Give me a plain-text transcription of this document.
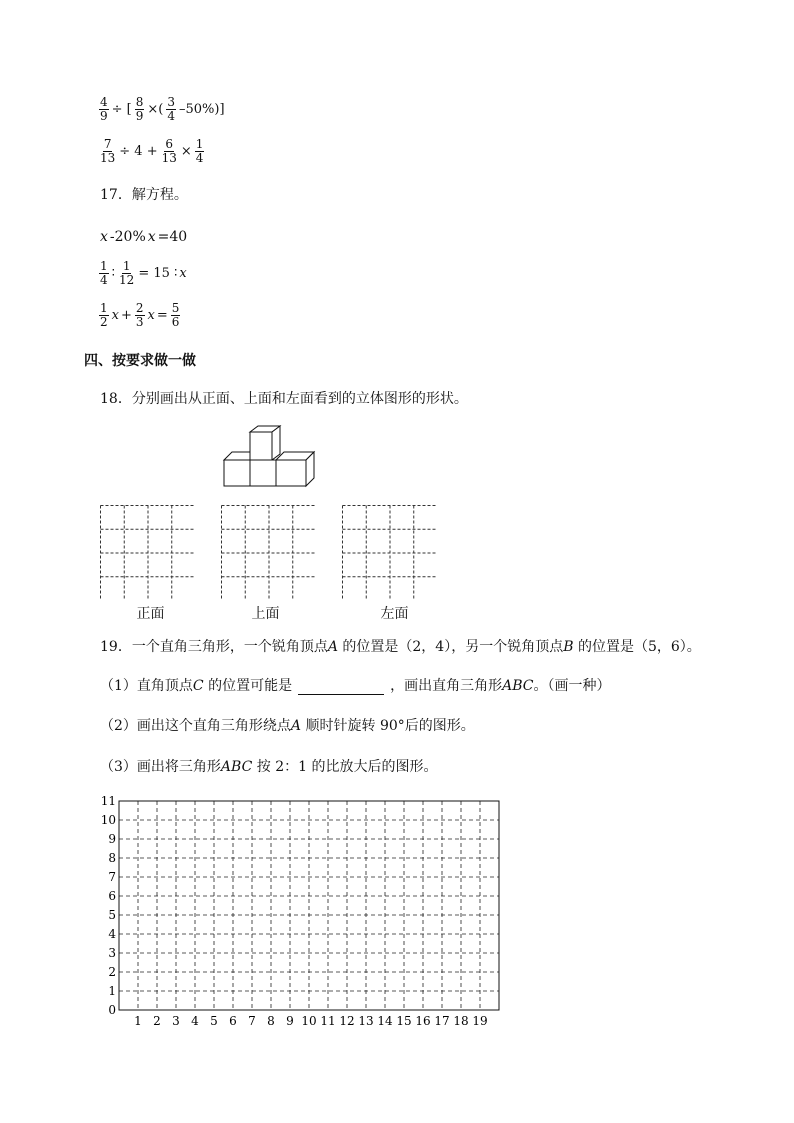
$\frac{4}{9}$ ÷ [ $\frac{8}{9}$ ×( $\frac{3}{4} -50\%$)]
$\frac{7}{13} \div 4 + \frac{6}{13} \times \frac{1}{4}$
17．解方程。
x -20% x =40
$\frac{1}{4}$ ∶ $\frac{1}{12} = 15$ ∶ x
$\frac{1}{2}$ $x + \frac{2}{3}$ $x = \frac{5}{6}$
四、按要求做一做
18．分别画出从正面、上面和左面看到的立体图形的形状。
正面	上面	左面
19．一个直角三角形，一个锐角顶点A 的位置是（2，4），另一个锐角顶点B 的位置是（5，6）。
（1）直角顶点C 的位置可能是	，画出直角三角形ABC。（画一种）
（2）画出这个直角三角形绕点A 顺时针旋转 90°后的图形。
（3）画出将三角形ABC 按 2：1 的比放大后的图形。
1 2 3 4 5 6 7 8 9 10 11 12 13 14 15 16 17 18 19
0
1
2
3
4
5
6
7
8
9
10
11
